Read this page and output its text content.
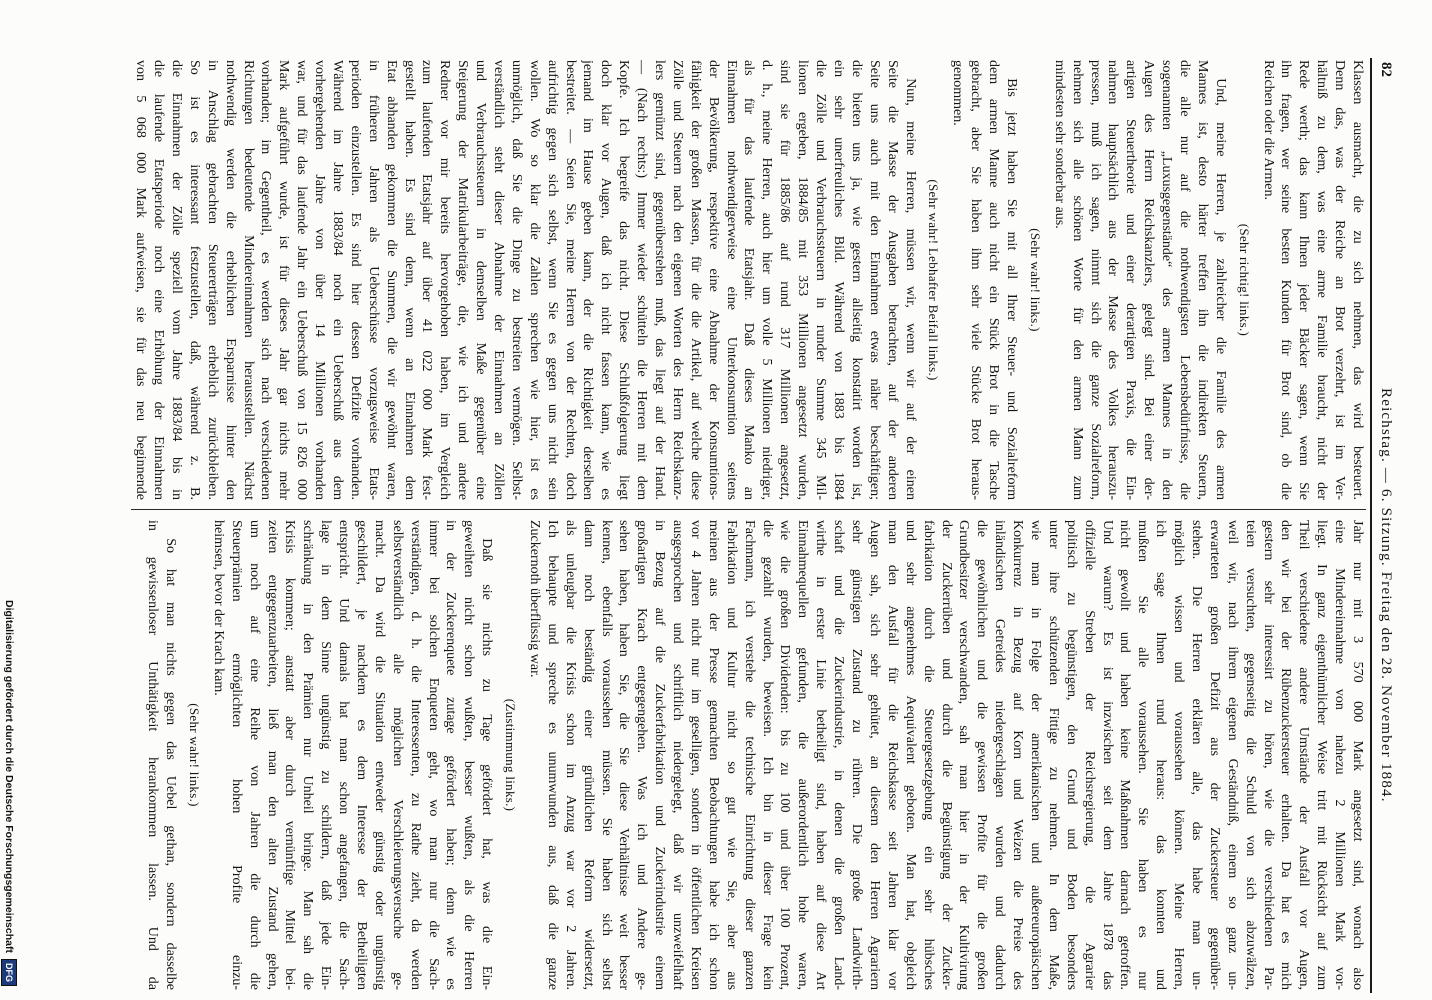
82
Reichstag. — 6. Sitzung. Freitag den 28. November 1884.
Klassen ausmacht, die zu sich nehmen, das wird besteuert.
Denn das, was der Reiche an Brot verzehrt, ist im Ver-
hältniß zu dem, was eine arme Familie braucht, nicht der
Rede werth; das kann Ihnen jeder Bäcker sagen, wenn Sie
ihn fragen, wer seine besten Kunden für Brot sind, ob die
Reichen oder die Armen.
(Sehr richtig! links.)
Und, meine Herren, je zahlreicher die Familie des armen
Mannes ist, desto härter treffen ihn die indirekten Steuern,
die alle nur auf die nothwendigsten Lebensbedürfnisse, die
sogenannten „Luxusgegenstände“ des armen Mannes in den
Augen des Herrn Reichskanzlers, gelegt sind. Bei einer der-
artigen Steuertheorie und einer derartigen Praxis, die Ein-
nahmen hauptsächlich aus der Masse des Volkes herauszu-
pressen, muß ich sagen, nimmt sich die ganze Sozialreform,
nehmen sich alle schönen Worte für den armen Mann zum
mindesten sehr sonderbar aus.
(Sehr wahr! links.)
Bis jetzt haben Sie mit all Ihrer Steuer- und Sozialreform
dem armen Manne auch nicht ein Stück Brot in die Tasche
gebracht, aber Sie haben ihm sehr viele Stücke Brot heraus-
genommen.
(Sehr wahr! Lebhafter Beifall links.)
Nun, meine Herren, müssen wir, wenn wir auf der einen
Seite die Masse der Ausgaben betrachten, auf der anderen
Seite uns auch mit den Einnahmen etwas näher beschäftigen;
die bieten uns ja, wie gestern allseitig konstatirt worden ist,
ein sehr unerfreuliches Bild. Während von 1883 bis 1884
die Zölle und Verbrauchssteuern in runder Summe 345 Mil-
lionen ergeben, 1884/85 mit 353 Millionen angesetzt wurden,
sind sie für 1885/86 auf rund 317 Millionen angesetzt,
d. h., meine Herren, auch hier um volle 5 Millionen niedriger,
als für das laufende Etatsjahr. Daß dieses Manko an
Einnahmen nothwendigerweise eine Unterkonsumtion seitens
der Bevölkerung, respektive eine Abnahme der Konsumtions-
fähigkeit der großen Massen, für die die Artikel, auf welche diese
Zölle und Steuern nach den eigenen Worten des Herrn Reichskanz-
lers gemünzt sind, gegenüberstehen muß, das liegt auf der Hand.
— (Nach rechts:) Immer wieder schütteln die Herren mit dem
Kopfe. Ich begreife das nicht. Diese Schlußfolgerung liegt
doch klar vor Augen, daß ich nicht fassen kann, wie es
jemand im Hause geben kann, der die Richtigkeit derselben
bestreitet. — Seien Sie, meine Herren von der Rechten, doch
aufrichtig gegen sich selbst, wenn Sie es gegen uns nicht sein
wollen. Wo so klar die Zahlen sprechen wie hier, ist es
unmöglich, daß Sie die Dinge zu bestreiten vermögen. Selbst-
verständlich steht dieser Abnahme der Einnahmen an Zöllen
und Verbrauchssteuern in demselben Maße gegenüber eine
Steigerung der Matrikularbeiträge, die, wie ich und andere
Redner vor mir bereits hervorgehoben haben, im Vergleich
zum laufenden Etatsjahr auf über 41 022 000 Mark fest-
gestellt haben. Es sind denn, wenn an Einnahmen dem
Etat abhanden gekommen die Summen, die wir gewöhnt waren,
in früheren Jahren als Ueberschüsse vorzugsweise Etats-
perioden einzustellen. Es sind hier dessen Defizite vorhanden.
Während im Jahre 1883/84 noch ein Ueberschuß aus dem
vorhergehenden Jahre von über 14 Millionen vorhanden
war, und für das laufende Jahr ein Ueberschuß von 15 826 000
Mark aufgeführt wurde, ist für dieses Jahr gar nichts mehr
vorhanden; im Gegentheil, es werden sich nach verschiedenen
Richtungen bedeutende Mindereinnahmen herausstellen. Nächst
nothwendig werden die erheblichen Ersparnisse hinter den
in Anschlag gebrachten Steuererträgen erheblich zurückbleiben.
So ist es interessant festzustellen, daß, während z. B.
die Einnahmen der Zölle speziell vom Jahre 1883/84 bis in
die laufende Etatsperiode noch eine Erhöhung der Einnahmen
von 5 068 000 Mark aufweisen, sie für das neu beginnende
Jahr nur mit 3 570 000 Mark angesetzt sind, wonach also
eine Mindereinnahme von nahezu 2 Millionen Mark vor-
liegt. In ganz eigenthümlicher Weise tritt mit Rücksicht auf zum
Theil verschiedene andere Umstände der Ausfall vor Augen,
den wir bei der Rübenzuckersteuer erhalten. Da hat es mich
gestern sehr interessirt zu hören, wie die verschiedenen Par-
teien versuchten, gegenseitig die Schuld von sich abzuwälzen,
weil wir, nach ihrem eigenen Geständniß, einem so ganz un-
erwarteten großen Defizit aus der Zuckersteuer gegenüber-
stehen. Die Herren erklären alle, das habe man un-
möglich wissen und voraussehen können. Meine Herren,
ich sage Ihnen rund heraus: das konnten und
mußten Sie alle voraussehen. Sie haben es nur
nicht gewollt und haben keine Maßnahmen darnach getroffen.
Und warum? Es ist inzwischen seit dem Jahre 1878 das
offizielle Streben der Reichsregierung, die Agrarier
politisch zu begünstigen, den Grund und Boden besonders
unter ihre schützenden Fittige zu nehmen. In dem Maße,
wie man in Folge der amerikanischen und außereuropäischen
Konkurrenz in Bezug auf Korn und Weizen die Preise des
inländischen Getreides niedergeschlagen wurden und dadurch
die gewöhnlichen und die gewissen Profite für die großen
Grundbesitzer verschwanden, sah man hier in der Kultivirung
der Zuckerrüben und durch die Begünstigung der Zucker-
fabrikation durch die Steuergesetzgebung ein sehr hübsches
und sehr angenehmes Aequivalent geboten. Man hat, obgleich
man den Ausfall für die Reichskasse seit Jahren klar vor
Augen sah, sich sehr gehütet, an diesem den Herren Agrariern
sehr günstigen Zustand zu rühren. Die große Landwirth-
schaft und die Zuckerindustrie, in denen die großen Land-
wirthe in erster Linie betheiligt sind, haben auf diese Art
Einnahmequellen gefunden, die außerordentlich hohe waren,
wie die großen Dividenden: bis zu 100 und über 100 Prozent,
die gezahlt wurden, beweisen. Ich bin in dieser Frage kein
Fachmann, ich verstehe die technische Einrichtung dieser ganzen
Fabrikation und Kultur nicht so gut wie Sie, aber aus
meinen aus der Presse gemachten Beobachtungen habe ich schon
vor 4 Jahren nicht nur im geselligen, sondern in öffentlichen Kreisen
ausgesprochen und schriftlich niedergelegt, daß wir unzweifelhaft
in Bezug auf die Zuckerfabrikation und Zuckerindustrie einem
großartigen Krach entgegengehen. Was ich und Andere ge-
sehen haben, haben Sie, die Sie diese Verhältnisse weit besser
kennen, ebenfalls voraussehen müssen. Sie haben sich selbst
dann noch beständig einer gründlichen Reform widersetzt,
als unleugbar die Krisis schon im Anzug war vor 2 Jahren.
Ich behaupte und spreche es unumwunden aus, daß die ganze
Zuckernoth überflüssig war.
(Zustimmung links.)
Daß sie nichts zu Tage gefördert hat, was die Ein-
geweihten nicht schon wußten, besser wußten, als die Herren
in der Zuckerenquete zutage gefördert haben; denn wie es
immer bei solchen Enqueten geht, wo man nur die Sach-
verständigen, d. h. die Interessenten, zu Rathe zieht, da werden
selbstverständlich alle möglichen Verschleierungsversuche ge-
macht. Da wird die Situation entweder günstig oder ungünstig
geschildert, je nachdem es dem Interesse der Betheiligten
entspricht. Und damals hat man schon angefangen, die Sach-
lage in dem Sinne ungünstig zu schildern, daß jede Ein-
schränkung in den Prämien nur Unheil bringe. Man sah die
Krisis kommen; anstatt aber durch vernünftige Mittel bei-
zeiten entgegenzuarbeiten, ließ man den alten Zustand gehen,
um noch auf eine Reihe von Jahren die durch die
Steuerprämien ermöglichten hohen Profite einzu-
heimsen, bevor der Krach kam.
(Sehr wahr! links.)
So hat man nichts gegen das Uebel gethan, sondern dasselbe
in gewissenloser Unthätigkeit herankommen lassen. Und da
Digitalisierung gefördert durch die Deutsche Forschungsgemeinschaft
DFG
